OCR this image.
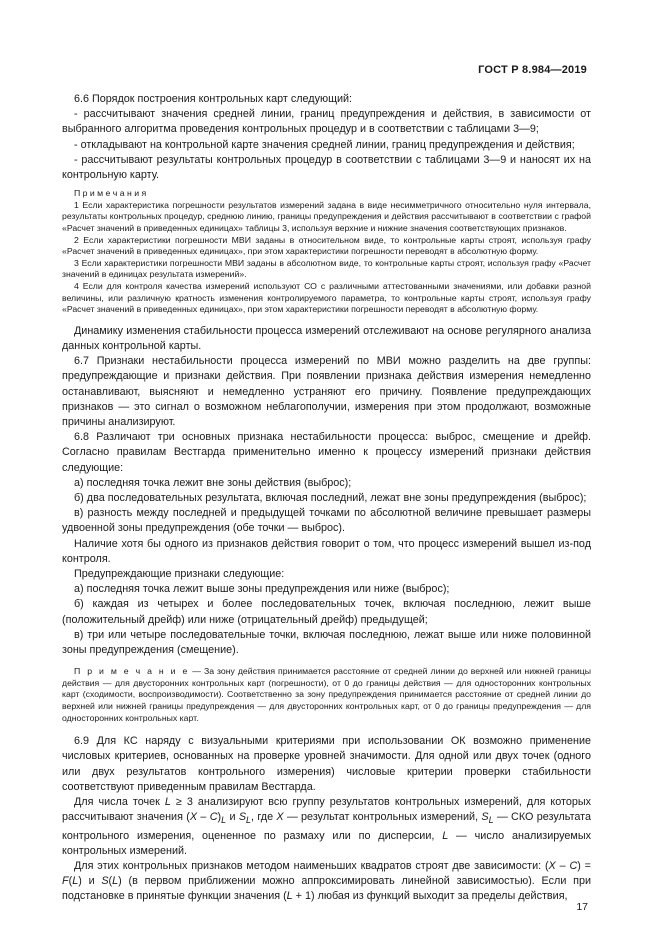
ГОСТ Р 8.984—2019

6.6 Порядок построения контрольных карт следующий:

- рассчитывают значения средней линии, границ предупреждения и действия, в зависимости от выбранного алгоритма проведения контрольных процедур и в соответствии с таблицами 3—9;

- откладывают на контрольной карте значения средней линии, границ предупреждения и действия;

- рассчитывают результаты контрольных процедур в соответствии с таблицами 3—9 и наносят их на контрольную карту.

П р и м е ч а н и я

1 Если характеристика погрешности результатов измерений задана в виде несимметричного относительно нуля интервала, результаты контрольных процедур, среднюю линию, границы предупреждения и действия рассчитывают в соответствии с графой «Расчет значений в приведенных единицах» таблицы 3, используя верхние и нижние значения соответствующих признаков.

2 Если характеристики погрешности МВИ заданы в относительном виде, то контрольные карты строят, используя графу «Расчет значений в приведенных единицах», при этом характеристики погрешности переводят в абсолютную форму.

3 Если характеристики погрешности МВИ заданы в абсолютном виде, то контрольные карты строят, используя графу «Расчет значений в единицах результата измерений».

4 Если для контроля качества измерений используют СО с различными аттестованными значениями, или добавки разной величины, или различную кратность изменения контролируемого параметра, то контрольные карты строят, используя графу «Расчет значений в приведенных единицах», при этом характеристики погрешности переводят в абсолютную форму.

Динамику изменения стабильности процесса измерений отслеживают на основе регулярного анализа данных контрольной карты.

6.7 Признаки нестабильности процесса измерений по МВИ можно разделить на две группы: предупреждающие и признаки действия. При появлении признака действия измерения немедленно останавливают, выясняют и немедленно устраняют его причину. Появление предупреждающих признаков — это сигнал о возможном неблагополучии, измерения при этом продолжают, возможные причины анализируют.

6.8 Различают три основных признака нестабильности процесса: выброс, смещение и дрейф. Согласно правилам Вестгарда применительно именно к процессу измерений признаки действия следующие:

а) последняя точка лежит вне зоны действия (выброс);

б) два последовательных результата, включая последний, лежат вне зоны предупреждения (выброс);

в) разность между последней и предыдущей точками по абсолютной величине превышает размеры удвоенной зоны предупреждения (обе точки — выброс).

Наличие хотя бы одного из признаков действия говорит о том, что процесс измерений вышел из-под контроля.

Предупреждающие признаки следующие:

а) последняя точка лежит выше зоны предупреждения или ниже (выброс);

б) каждая из четырех и более последовательных точек, включая последнюю, лежит выше (положительный дрейф) или ниже (отрицательный дрейф) предыдущей;

в) три или четыре последовательные точки, включая последнюю, лежат выше или ниже половинной зоны предупреждения (смещение).

П р и м е ч а н и е — За зону действия принимается расстояние от средней линии до верхней или нижней границы действия — для двусторонних контрольных карт (погрешности), от 0 до границы действия — для односторонних контрольных карт (сходимости, воспроизводимости). Соответственно за зону предупреждения принимается расстояние от средней линии до верхней или нижней границы предупреждения — для двусторонних контрольных карт, от 0 до границы предупреждения — для односторонних контрольных карт.

6.9 Для КС наряду с визуальными критериями при использовании ОК возможно применение числовых критериев, основанных на проверке уровней значимости. Для одной или двух точек (одного или двух результатов контрольного измерения) числовые критерии проверки стабильности соответствуют приведенным правилам Вестгарда.

Для числа точек L ≥ 3 анализируют всю группу результатов контрольных измерений, для которых рассчитывают значения $(X - C)_L$ и $S_L$, где X — результат контрольных измерений, $S_L$ — СКО результата контрольного измерения, оцененное по размаху или по дисперсии, L — число анализируемых контрольных измерений.

Для этих контрольных признаков методом наименьших квадратов строят две зависимости: (X – C) = F(L) и S(L) (в первом приближении можно аппроксимировать линейной зависимостью). Если при подстановке в принятые функции значения (L + 1) любая из функций выходит за пределы действия,

17
